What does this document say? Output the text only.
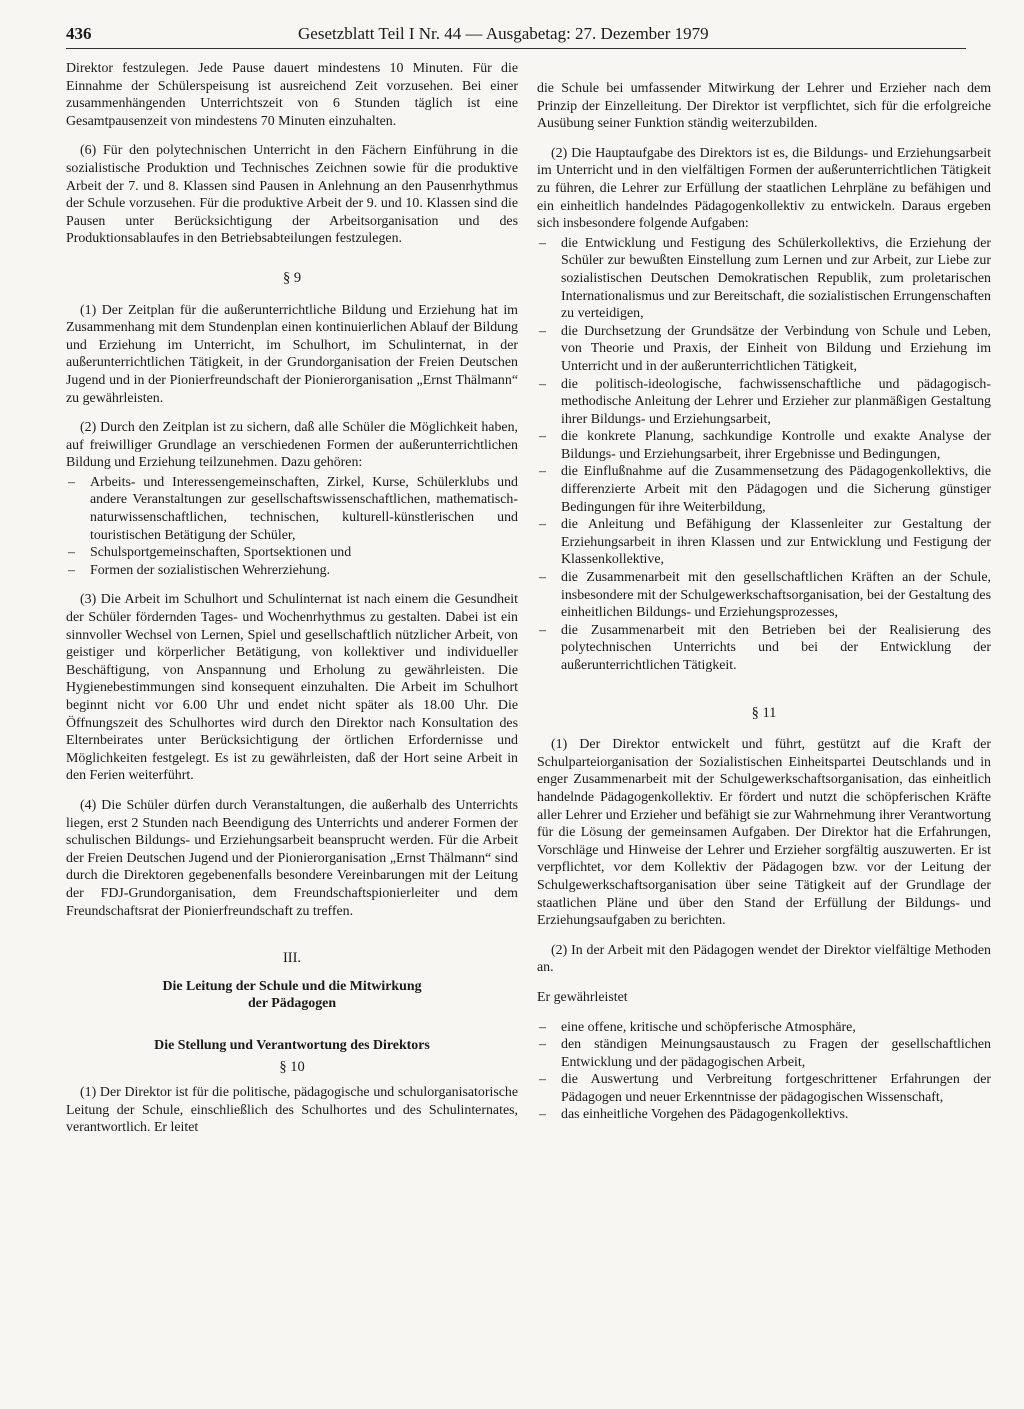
436	Gesetzblatt Teil I Nr. 44 — Ausgabetag: 27. Dezember 1979

Direktor festzulegen. Jede Pause dauert mindestens 10 Minuten. Für die Einnahme der Schülerspeisung ist ausreichend Zeit vorzusehen. Bei einer zusammenhängenden Unterrichtszeit von 6 Stunden täglich ist eine Gesamtpausenzeit von mindestens 70 Minuten einzuhalten.

(6) Für den polytechnischen Unterricht in den Fächern Einführung in die sozialistische Produktion und Technisches Zeichnen sowie für die produktive Arbeit der 7. und 8. Klassen sind Pausen in Anlehnung an den Pausenrhythmus der Schule vorzusehen. Für die produktive Arbeit der 9. und 10. Klassen sind die Pausen unter Berücksichtigung der Arbeitsorganisation und des Produktionsablaufes in den Betriebsabteilungen festzulegen.

§ 9

(1) Der Zeitplan für die außerunterrichtliche Bildung und Erziehung hat im Zusammenhang mit dem Stundenplan einen kontinuierlichen Ablauf der Bildung und Erziehung im Unterricht, im Schulhort, im Schulinternat, in der außerunterrichtlichen Tätigkeit, in der Grundorganisation der Freien Deutschen Jugend und in der Pionierfreundschaft der Pionierorganisation „Ernst Thälmann“ zu gewährleisten.

(2) Durch den Zeitplan ist zu sichern, daß alle Schüler die Möglichkeit haben, auf freiwilliger Grundlage an verschiedenen Formen der außerunterrichtlichen Bildung und Erziehung teilzunehmen. Dazu gehören:

– Arbeits- und Interessengemeinschaften, Zirkel, Kurse, Schülerklubs und andere Veranstaltungen zur gesellschaftswissenschaftlichen, mathematisch-naturwissenschaftlichen, technischen, kulturell-künstlerischen und touristischen Betätigung der Schüler,
– Schulsportgemeinschaften, Sportsektionen und
– Formen der sozialistischen Wehrerziehung.

(3) Die Arbeit im Schulhort und Schulinternat ist nach einem die Gesundheit der Schüler fördernden Tages- und Wochenrhythmus zu gestalten. Dabei ist ein sinnvoller Wechsel von Lernen, Spiel und gesellschaftlich nützlicher Arbeit, von geistiger und körperlicher Betätigung, von kollektiver und individueller Beschäftigung, von Anspannung und Erholung zu gewährleisten. Die Hygienebestimmungen sind konsequent einzuhalten. Die Arbeit im Schulhort beginnt nicht vor 6.00 Uhr und endet nicht später als 18.00 Uhr. Die Öffnungszeit des Schulhortes wird durch den Direktor nach Konsultation des Elternbeirates unter Berücksichtigung der örtlichen Erfordernisse und Möglichkeiten festgelegt. Es ist zu gewährleisten, daß der Hort seine Arbeit in den Ferien weiterführt.

(4) Die Schüler dürfen durch Veranstaltungen, die außerhalb des Unterrichts liegen, erst 2 Stunden nach Beendigung des Unterrichts und anderer Formen der schulischen Bildungs- und Erziehungsarbeit beansprucht werden. Für die Arbeit der Freien Deutschen Jugend und der Pionierorganisation „Ernst Thälmann“ sind durch die Direktoren gegebenenfalls besondere Vereinbarungen mit der Leitung der FDJ-Grundorganisation, dem Freundschaftspionierleiter und dem Freundschaftsrat der Pionierfreundschaft zu treffen.

III.
Die Leitung der Schule und die Mitwirkung
der Pädagogen
Die Stellung und Verantwortung des Direktors
§ 10

(1) Der Direktor ist für die politische, pädagogische und schulorganisatorische Leitung der Schule, einschließlich des Schulhortes und des Schulinternates, verantwortlich. Er leitet

die Schule bei umfassender Mitwirkung der Lehrer und Erzieher nach dem Prinzip der Einzelleitung. Der Direktor ist verpflichtet, sich für die erfolgreiche Ausübung seiner Funktion ständig weiterzubilden.

(2) Die Hauptaufgabe des Direktors ist es, die Bildungs- und Erziehungsarbeit im Unterricht und in den vielfältigen Formen der außerunterrichtlichen Tätigkeit zu führen, die Lehrer zur Erfüllung der staatlichen Lehrpläne zu befähigen und ein einheitlich handelndes Pädagogenkollektiv zu entwickeln. Daraus ergeben sich insbesondere folgende Aufgaben:

– die Entwicklung und Festigung des Schülerkollektivs, die Erziehung der Schüler zur bewußten Einstellung zum Lernen und zur Arbeit, zur Liebe zur sozialistischen Deutschen Demokratischen Republik, zum proletarischen Internationalismus und zur Bereitschaft, die sozialistischen Errungenschaften zu verteidigen,
– die Durchsetzung der Grundsätze der Verbindung von Schule und Leben, von Theorie und Praxis, der Einheit von Bildung und Erziehung im Unterricht und in der außerunterrichtlichen Tätigkeit,
– die politisch-ideologische, fachwissenschaftliche und pädagogisch-methodische Anleitung der Lehrer und Erzieher zur planmäßigen Gestaltung ihrer Bildungs- und Erziehungsarbeit,
– die konkrete Planung, sachkundige Kontrolle und exakte Analyse der Bildungs- und Erziehungsarbeit, ihrer Ergebnisse und Bedingungen,
– die Einflußnahme auf die Zusammensetzung des Pädagogenkollektivs, die differenzierte Arbeit mit den Pädagogen und die Sicherung günstiger Bedingungen für ihre Weiterbildung,
– die Anleitung und Befähigung der Klassenleiter zur Gestaltung der Erziehungsarbeit in ihren Klassen und zur Entwicklung und Festigung der Klassenkollektive,
– die Zusammenarbeit mit den gesellschaftlichen Kräften an der Schule, insbesondere mit der Schulgewerkschaftsorganisation, bei der Gestaltung des einheitlichen Bildungs- und Erziehungsprozesses,
– die Zusammenarbeit mit den Betrieben bei der Realisierung des polytechnischen Unterrichts und bei der Entwicklung der außerunterrichtlichen Tätigkeit.
§ 11

(1) Der Direktor entwickelt und führt, gestützt auf die Kraft der Schulparteiorganisation der Sozialistischen Einheitspartei Deutschlands und in enger Zusammenarbeit mit der Schulgewerkschaftsorganisation, das einheitlich handelnde Pädagogenkollektiv. Er fördert und nutzt die schöpferischen Kräfte aller Lehrer und Erzieher und befähigt sie zur Wahrnehmung ihrer Verantwortung für die Lösung der gemeinsamen Aufgaben. Der Direktor hat die Erfahrungen, Vorschläge und Hinweise der Lehrer und Erzieher sorgfältig auszuwerten. Er ist verpflichtet, vor dem Kollektiv der Pädagogen bzw. vor der Leitung der Schulgewerkschaftsorganisation über seine Tätigkeit auf der Grundlage der staatlichen Pläne und über den Stand der Erfüllung der Bildungs- und Erziehungsaufgaben zu berichten.

(2) In der Arbeit mit den Pädagogen wendet der Direktor vielfältige Methoden an.

Er gewährleistet

– eine offene, kritische und schöpferische Atmosphäre,
– den ständigen Meinungsaustausch zu Fragen der gesellschaftlichen Entwicklung und der pädagogischen Arbeit,
– die Auswertung und Verbreitung fortgeschrittener Erfahrungen der Pädagogen und neuer Erkenntnisse der pädagogischen Wissenschaft,
– das einheitliche Vorgehen des Pädagogenkollektivs.
